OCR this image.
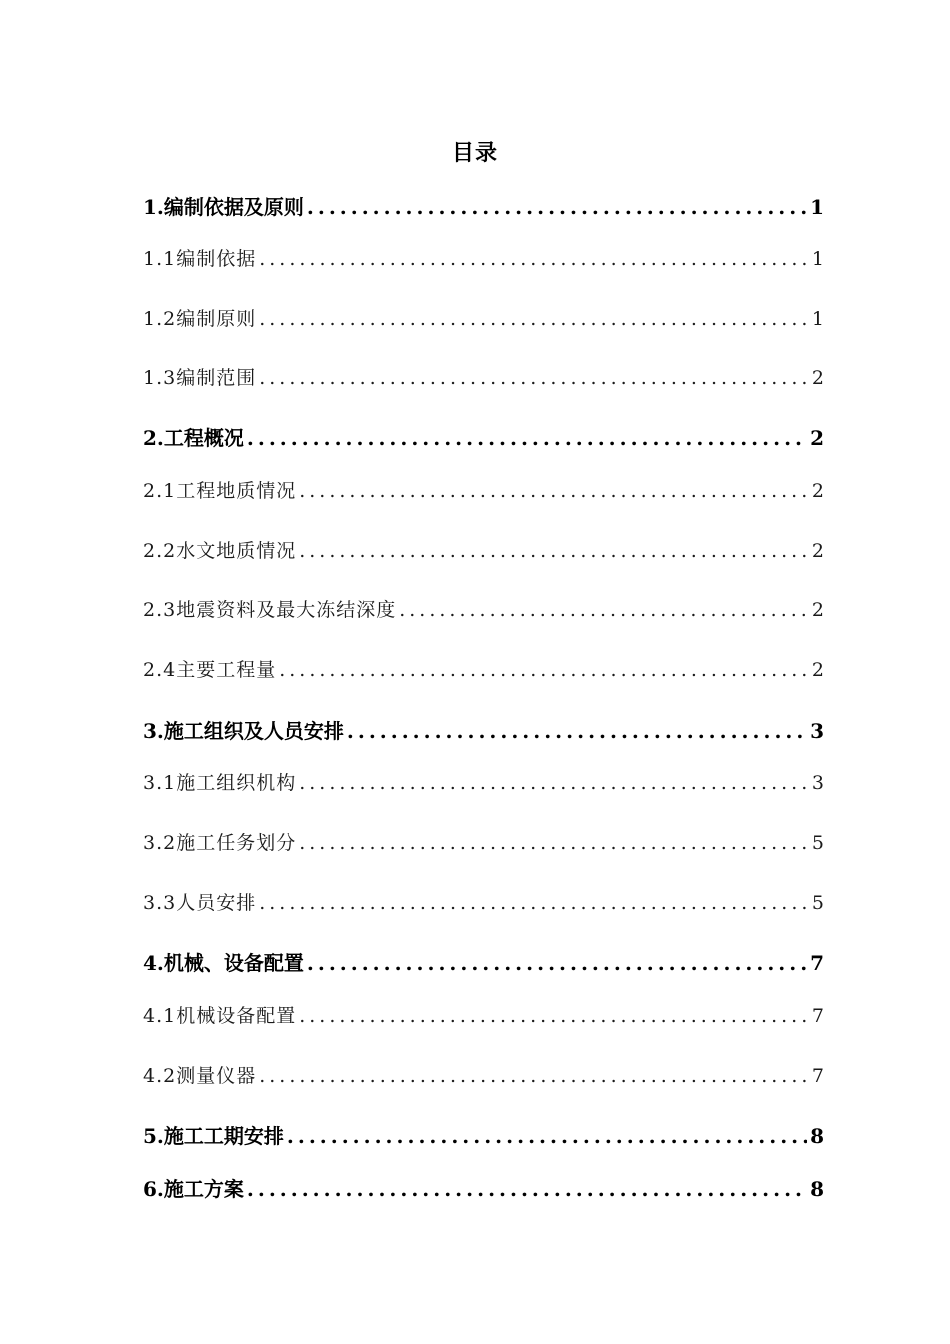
目录
1.编制依据及原则 .....	1
1.1编制依据 .....	1
1.2编制原则 .....	1
1.3编制范围 .....	2
2.工程概况 .....	2
2.1工程地质情况 .....	2
2.2水文地质情况 .....	2
2.3地震资料及最大冻结深度 .....	2
2.4主要工程量 .....	2
3.施工组织及人员安排 .....	3
3.1施工组织机构 .....	3
3.2施工任务划分 .....	5
3.3人员安排 .....	5
4.机械、设备配置 .....	7
4.1机械设备配置 .....	7
4.2测量仪器 .....	7
5.施工工期安排 .....	8
6.施工方案 .....	8
